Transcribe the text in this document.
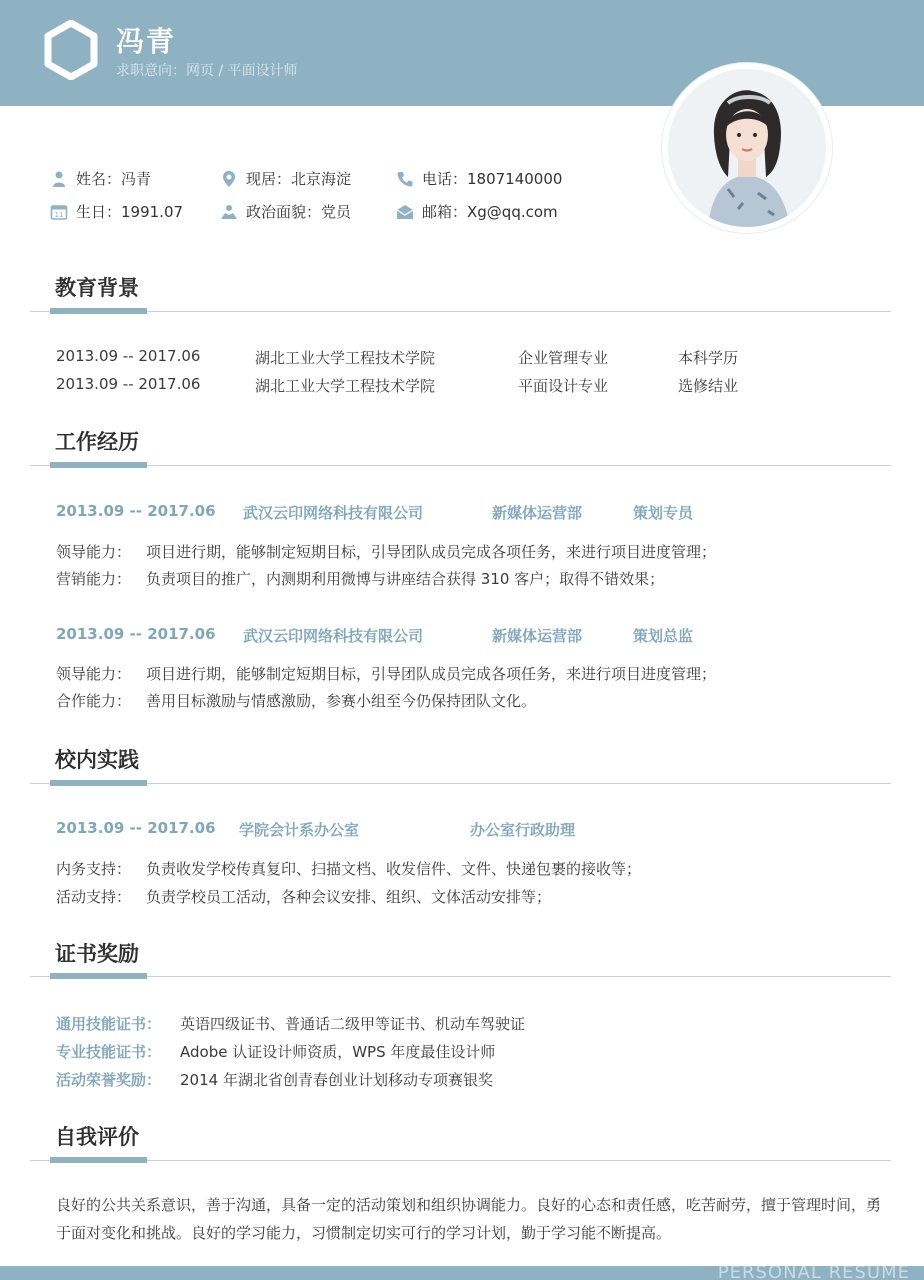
冯青
求职意向：网页 / 平面设计师
姓名：冯青	现居：北京海淀	电话：1807140000
11 生日：1991.07	政治面貌：党员	邮箱：Xg@qq.com
教育背景
2013.09 -- 2017.06	湖北工业大学工程技术学院	企业管理专业	本科学历
2013.09 -- 2017.06	湖北工业大学工程技术学院	平面设计专业	选修结业
工作经历
2013.09 -- 2017.06 武汉云印网络科技有限公司	新媒体运营部	策划专员
领导能力： 项目进行期，能够制定短期目标，引导团队成员完成各项任务，来进行项目进度管理；
营销能力： 负责项目的推广，内测期利用微博与讲座结合获得 310 客户；取得不错效果；
2013.09 -- 2017.06 武汉云印网络科技有限公司	新媒体运营部	策划总监
领导能力： 项目进行期，能够制定短期目标，引导团队成员完成各项任务，来进行项目进度管理；
合作能力： 善用目标激励与情感激励，参赛小组至今仍保持团队文化。
校内实践
2013.09 -- 2017.06 学院会计系办公室	办公室行政助理
内务支持： 负责收发学校传真复印、扫描文档、收发信件、文件、快递包裹的接收等；
活动支持： 负责学校员工活动，各种会议安排、组织、文体活动安排等；
证书奖励
通用技能证书： 英语四级证书、普通话二级甲等证书、机动车驾驶证
专业技能证书： Adobe 认证设计师资质，WPS 年度最佳设计师
活动荣誉奖励： 2014 年湖北省创青春创业计划移动专项赛银奖
自我评价
良好的公共关系意识，善于沟通，具备一定的活动策划和组织协调能力。良好的心态和责任感，吃苦耐劳，擅于管理时间，勇于面对变化和挑战。良好的学习能力，习惯制定切实可行的学习计划，勤于学习能不断提高。
PERSONAL RESUME
